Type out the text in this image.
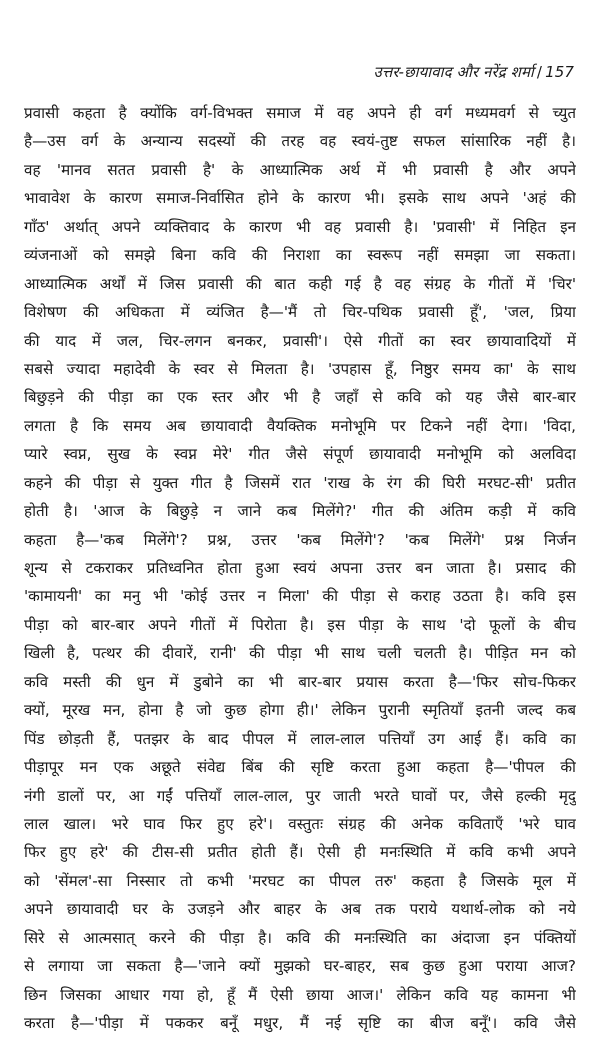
उत्तर-छायावाद और नरेंद्र शर्मा / 157
प्रवासी कहता है क्योंकि वर्ग-विभक्त समाज में वह अपने ही वर्ग मध्यमवर्ग से च्युत
है—उस वर्ग के अन्यान्य सदस्यों की तरह वह स्वयं-तुष्ट सफल सांसारिक नहीं है।
वह 'मानव सतत प्रवासी है' के आध्यात्मिक अर्थ में भी प्रवासी है और अपने
भावावेश के कारण समाज-निर्वासित होने के कारण भी। इसके साथ अपने 'अहं की
गाँठ' अर्थात् अपने व्यक्तिवाद के कारण भी वह प्रवासी है। 'प्रवासी' में निहित इन
व्यंजनाओं को समझे बिना कवि की निराशा का स्वरूप नहीं समझा जा सकता।
आध्यात्मिक अर्थों में जिस प्रवासी की बात कही गई है वह संग्रह के गीतों में 'चिर'
विशेषण की अधिकता में व्यंजित है—'मैं तो चिर-पथिक प्रवासी हूँ', 'जल, प्रिया
की याद में जल, चिर-लगन बनकर, प्रवासी'। ऐसे गीतों का स्वर छायावादियों में
सबसे ज्यादा महादेवी के स्वर से मिलता है। 'उपहास हूँ, निष्ठुर समय का' के साथ
बिछुड़ने की पीड़ा का एक स्तर और भी है जहाँ से कवि को यह जैसे बार-बार
लगता है कि समय अब छायावादी वैयक्तिक मनोभूमि पर टिकने नहीं देगा। 'विदा,
प्यारे स्वप्न, सुख के स्वप्न मेरे' गीत जैसे संपूर्ण छायावादी मनोभूमि को अलविदा
कहने की पीड़ा से युक्त गीत है जिसमें रात 'राख के रंग की घिरी मरघट-सी' प्रतीत
होती है। 'आज के बिछुड़े न जाने कब मिलेंगे?' गीत की अंतिम कड़ी में कवि
कहता है—'कब मिलेंगे'? प्रश्न, उत्तर 'कब मिलेंगे'? 'कब मिलेंगे' प्रश्न निर्जन
शून्य से टकराकर प्रतिध्वनित होता हुआ स्वयं अपना उत्तर बन जाता है। प्रसाद की
'कामायनी' का मनु भी 'कोई उत्तर न मिला' की पीड़ा से कराह उठता है। कवि इस
पीड़ा को बार-बार अपने गीतों में पिरोता है। इस पीड़ा के साथ 'दो फूलों के बीच
खिली है, पत्थर की दीवारें, रानी' की पीड़ा भी साथ चली चलती है। पीड़ित मन को
कवि मस्ती की धुन में डुबोने का भी बार-बार प्रयास करता है—'फिर सोच-फिकर
क्यों, मूरख मन, होना है जो कुछ होगा ही।' लेकिन पुरानी स्मृतियाँ इतनी जल्द कब
पिंड छोड़ती हैं, पतझर के बाद पीपल में लाल-लाल पत्तियाँ उग आई हैं। कवि का
पीड़ापूर मन एक अछूते संवेद्य बिंब की सृष्टि करता हुआ कहता है—'पीपल की
नंगी डालों पर, आ गईं पत्तियाँ लाल-लाल, पुर जाती भरते घावों पर, जैसे हल्की मृदु
लाल खाल। भरे घाव फिर हुए हरे'। वस्तुतः संग्रह की अनेक कविताएँ 'भरे घाव
फिर हुए हरे' की टीस-सी प्रतीत होती हैं। ऐसी ही मनःस्थिति में कवि कभी अपने
को 'सेंमल'-सा निस्सार तो कभी 'मरघट का पीपल तरु' कहता है जिसके मूल में
अपने छायावादी घर के उजड़ने और बाहर के अब तक पराये यथार्थ-लोक को नये
सिरे से आत्मसात् करने की पीड़ा है। कवि की मनःस्थिति का अंदाजा इन पंक्तियों
से लगाया जा सकता है—'जाने क्यों मुझको घर-बाहर, सब कुछ हुआ पराया आज?
छिन जिसका आधार गया हो, हूँ मैं ऐसी छाया आज।' लेकिन कवि यह कामना भी
करता है—'पीड़ा में पककर बनूँ मधुर, मैं नई सृष्टि का बीज बनूँ'। कवि जैसे
